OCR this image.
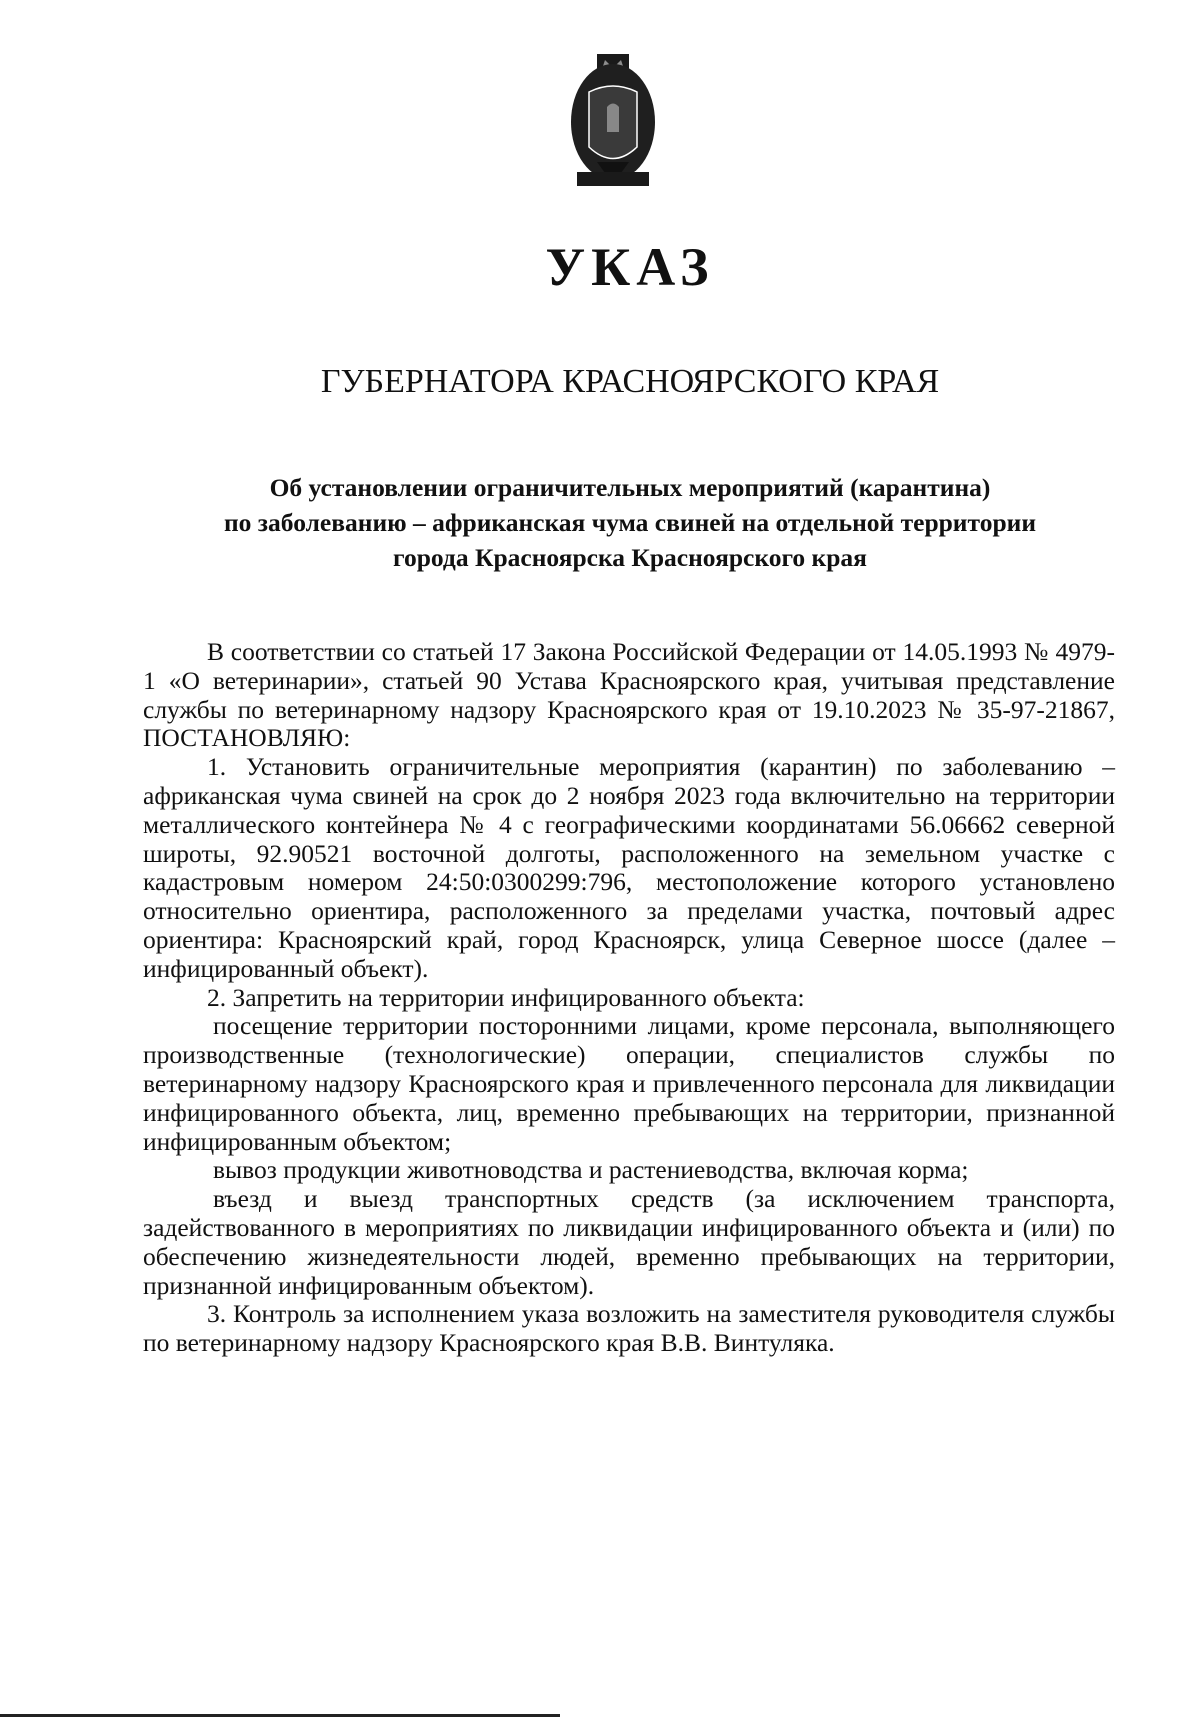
УКАЗ
ГУБЕРНАТОРА КРАСНОЯРСКОГО КРАЯ
Об установлении ограничительных мероприятий (карантина)
по заболеванию – африканская чума свиней на отдельной территории
города Красноярска Красноярского края

В соответствии со статьей 17 Закона Российской Федерации от 14.05.1993 № 4979-1 «О ветеринарии», статьей 90 Устава Красноярского края, учитывая представление службы по ветеринарному надзору Красноярского края от 19.10.2023 № 35-97-21867, ПОСТАНОВЛЯЮ:

1. Установить ограничительные мероприятия (карантин) по заболеванию – африканская чума свиней на срок до 2 ноября 2023 года включительно на территории металлического контейнера № 4 с географическими координатами 56.06662 северной широты, 92.90521 восточной долготы, расположенного на земельном участке с кадастровым номером 24:50:0300299:796, местоположение которого установлено относительно ориентира, расположенного за пределами участка, почтовый адрес ориентира: Красноярский край, город Красноярск, улица Северное шоссе (далее – инфицированный объект).

2. Запретить на территории инфицированного объекта:

посещение территории посторонними лицами, кроме персонала, выполняющего производственные (технологические) операции, специалистов службы по ветеринарному надзору Красноярского края и привлеченного персонала для ликвидации инфицированного объекта, лиц, временно пребывающих на территории, признанной инфицированным объектом;

вывоз продукции животноводства и растениеводства, включая корма;

въезд и выезд транспортных средств (за исключением транспорта, задействованного в мероприятиях по ликвидации инфицированного объекта и (или) по обеспечению жизнедеятельности людей, временно пребывающих на территории, признанной инфицированным объектом).

3. Контроль за исполнением указа возложить на заместителя руководителя службы по ветеринарному надзору Красноярского края В.В. Винтуляка.
